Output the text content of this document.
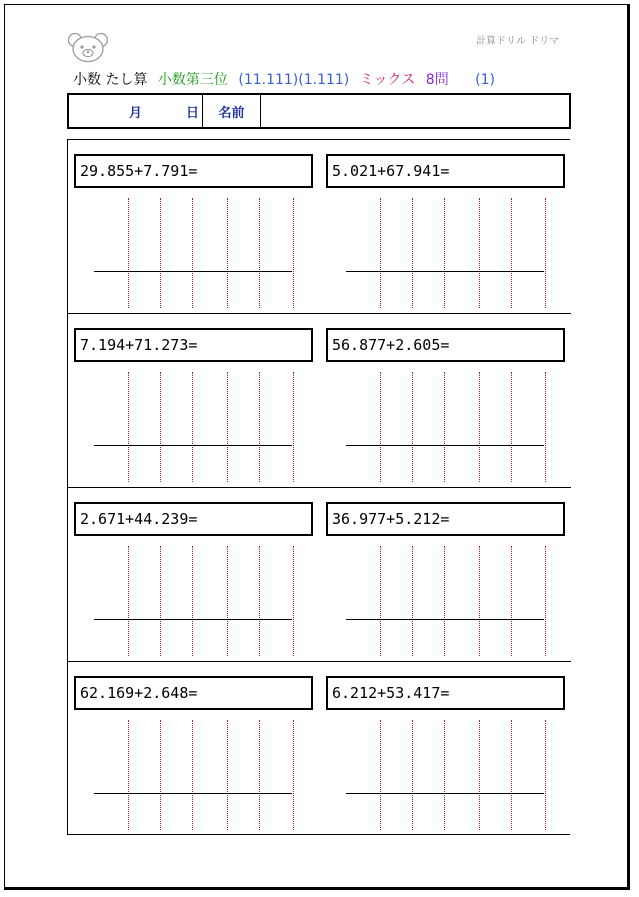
計算ドリル ドリマ
小数 たし算 小数第三位 (11.111)(1.111) ミックス 8問 (1)
月	日	名前
29.855+7.791=	5.021+67.941=
7.194+71.273=	56.877+2.605=
2.671+44.239=	36.977+5.212=
62.169+2.648=	6.212+53.417=
